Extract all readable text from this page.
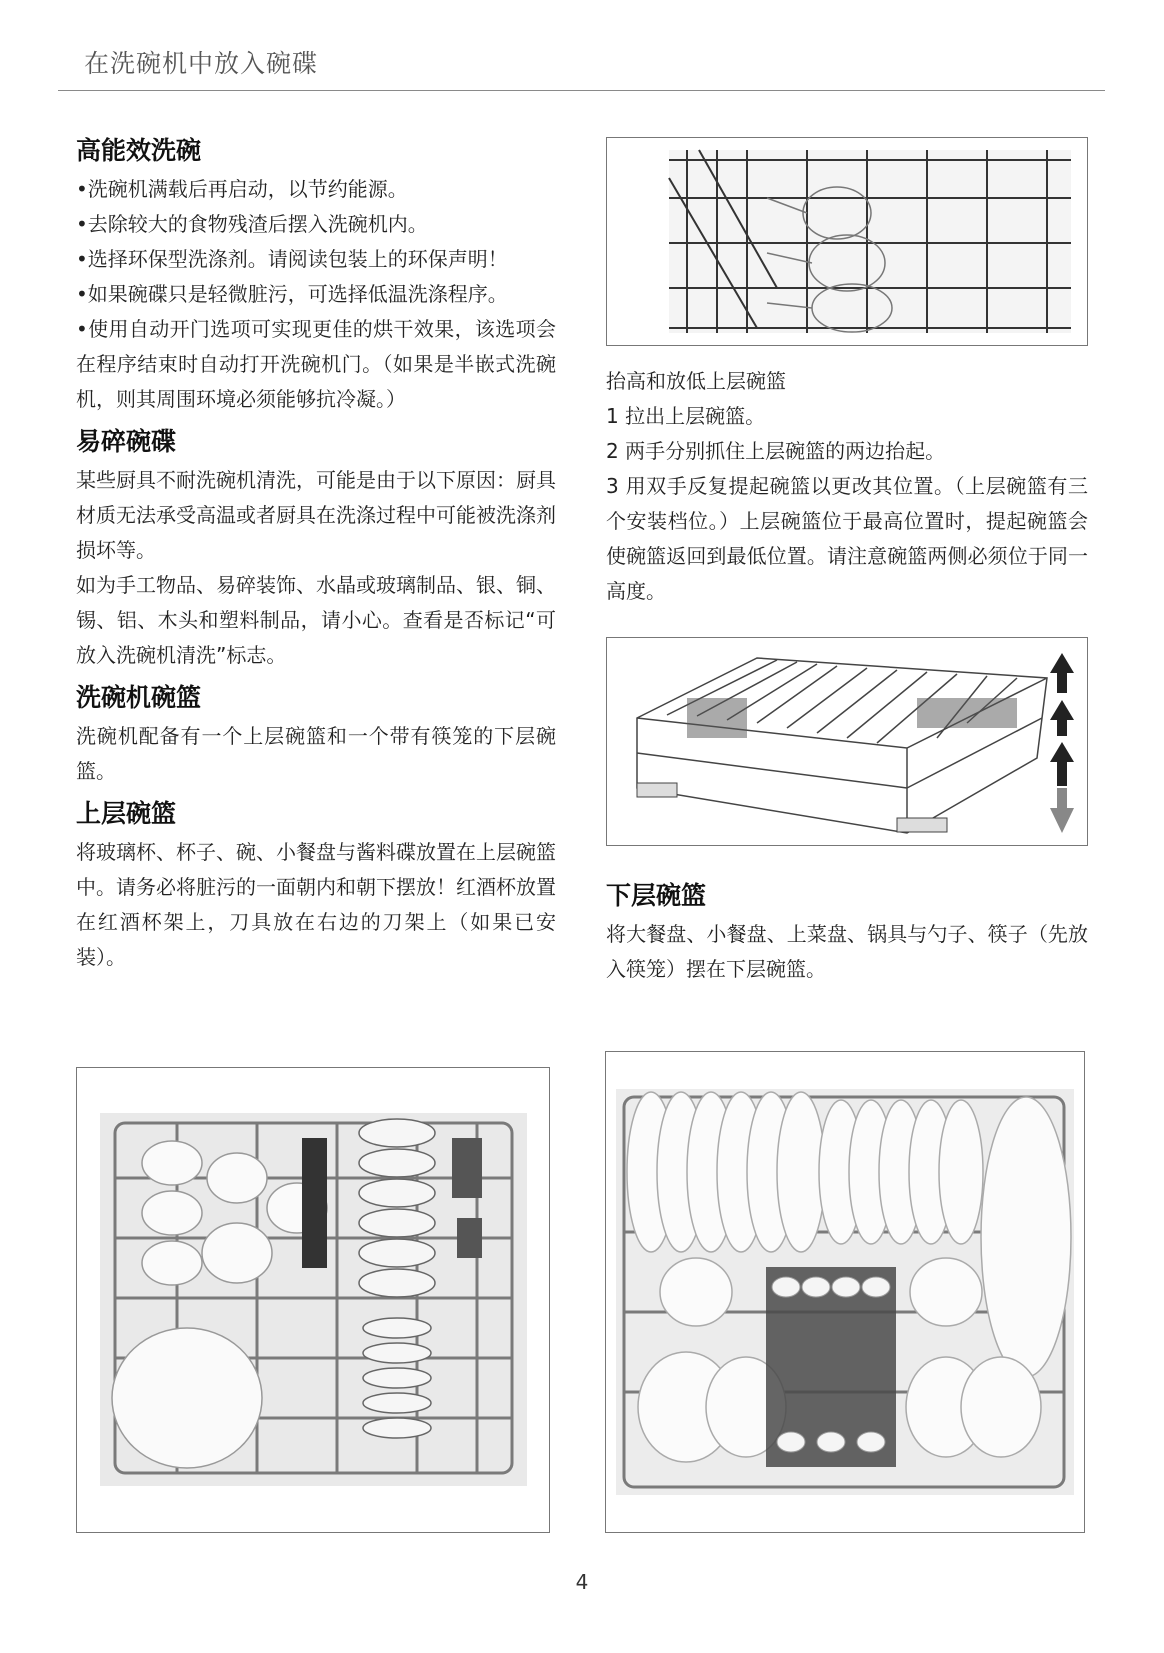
在洗碗机中放入碗碟
高能效洗碗

•洗碗机满载后再启动，以节约能源。

•去除较大的食物残渣后摆入洗碗机内。

•选择环保型洗涤剂。请阅读包装上的环保声明！

•如果碗碟只是轻微脏污，可选择低温洗涤程序。

•使用自动开门选项可实现更佳的烘干效果，该选项会在程序结束时自动打开洗碗机门。（如果是半嵌式洗碗机，则其周围环境必须能够抗冷凝。）

易碎碗碟

某些厨具不耐洗碗机清洗，可能是由于以下原因：厨具材质无法承受高温或者厨具在洗涤过程中可能被洗涤剂损坏等。

如为手工物品、易碎装饰、水晶或玻璃制品、银、铜、锡、铝、木头和塑料制品，请小心。查看是否标记“可放入洗碗机清洗”标志。

洗碗机碗篮

洗碗机配备有一个上层碗篮和一个带有筷笼的下层碗篮。

上层碗篮

将玻璃杯、杯子、碗、小餐盘与酱料碟放置在上层碗篮中。请务必将脏污的一面朝内和朝下摆放！红酒杯放置在红酒杯架上，刀具放在右边的刀架上（如果已安装）。

抬高和放低上层碗篮

1 拉出上层碗篮。

2 两手分别抓住上层碗篮的两边抬起。

3 用双手反复提起碗篮以更改其位置。（上层碗篮有三个安装档位。）上层碗篮位于最高位置时，提起碗篮会使碗篮返回到最低位置。请注意碗篮两侧必须位于同一高度。

下层碗篮

将大餐盘、小餐盘、上菜盘、锅具与勺子、筷子（先放入筷笼）摆在下层碗篮。

4
